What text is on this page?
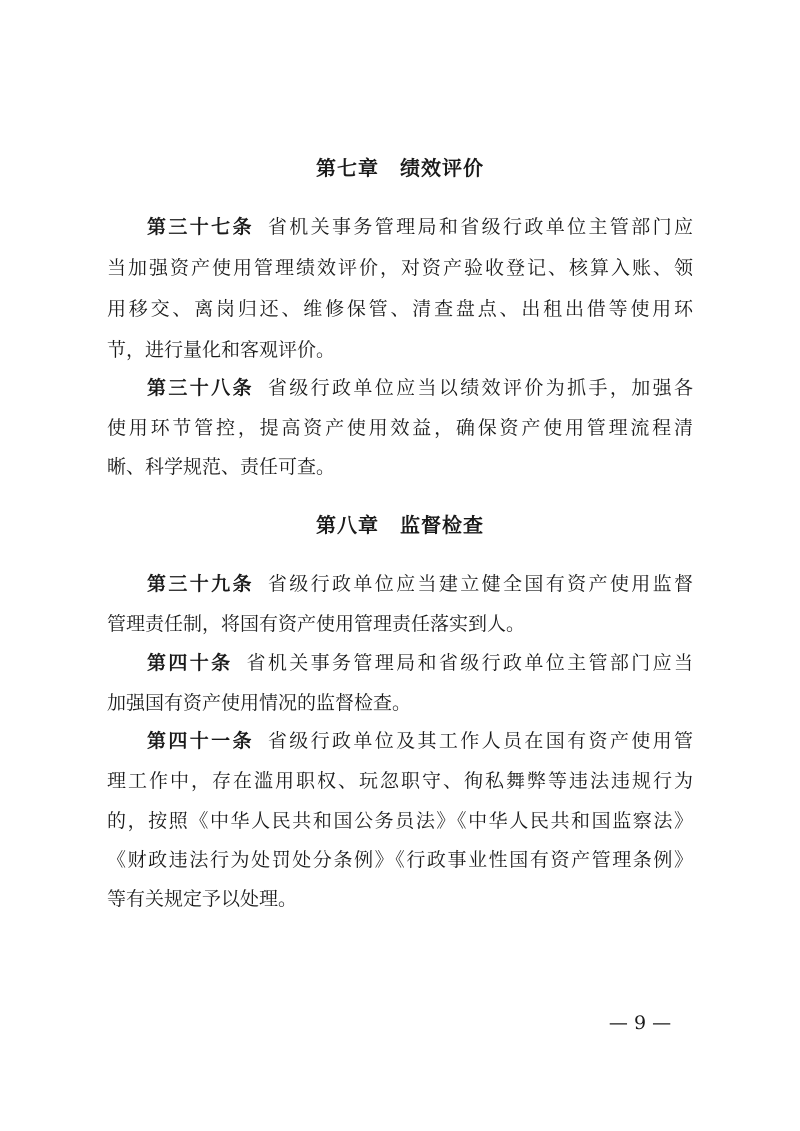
第七章　绩效评价
第三十七条 省机关事务管理局和省级行政单位主管部门应
当加强资产使用管理绩效评价，对资产验收登记、核算入账、领
用移交、离岗归还、维修保管、清查盘点、出租出借等使用环
节，进行量化和客观评价。
第三十八条 省级行政单位应当以绩效评价为抓手，加强各
使用环节管控，提高资产使用效益，确保资产使用管理流程清
晰、科学规范、责任可查。
第八章　监督检查
第三十九条 省级行政单位应当建立健全国有资产使用监督
管理责任制，将国有资产使用管理责任落实到人。
第四十条 省机关事务管理局和省级行政单位主管部门应当
加强国有资产使用情况的监督检查。
第四十一条 省级行政单位及其工作人员在国有资产使用管
理工作中，存在滥用职权、玩忽职守、徇私舞弊等违法违规行为
的，按照《中华人民共和国公务员法》《中华人民共和国监察法》
《财政违法行为处罚处分条例》《行政事业性国有资产管理条例》
等有关规定予以处理。
— 9 —
